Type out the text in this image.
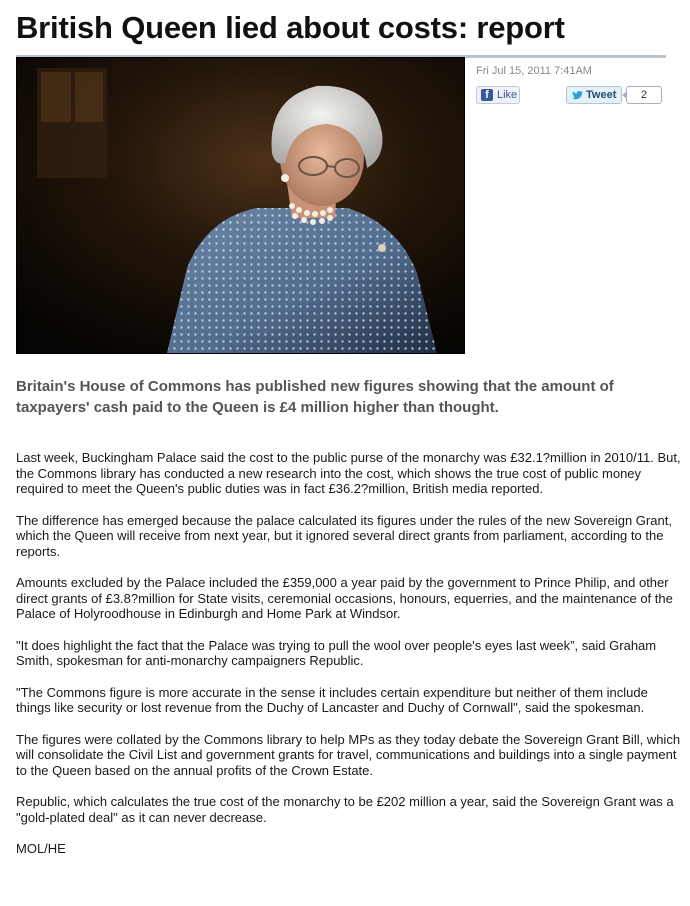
British Queen lied about costs: report
Fri Jul 15, 2011 7:41AM
f Like	Tweet	2

Britain's House of Commons has published new figures showing that the amount of taxpayers' cash paid to the Queen is £4 million higher than thought.

Last week, Buckingham Palace said the cost to the public purse of the monarchy was £32.1?million in 2010/11. But, the Commons library has conducted a new research into the cost, which shows the true cost of public money required to meet the Queen's public duties was in fact £36.2?million, British media reported.

The difference has emerged because the palace calculated its figures under the rules of the new Sovereign Grant, which the Queen will receive from next year, but it ignored several direct grants from parliament, according to the reports.

Amounts excluded by the Palace included the £359,000 a year paid by the government to Prince Philip, and other direct grants of £3.8?million for State visits, ceremonial occasions, honours, equerries, and the maintenance of the Palace of Holyroodhouse in Edinburgh and Home Park at Windsor.

"It does highlight the fact that the Palace was trying to pull the wool over people's eyes last week”, said Graham Smith, spokesman for anti-monarchy campaigners Republic.

"The Commons figure is more accurate in the sense it includes certain expenditure but neither of them include things like security or lost revenue from the Duchy of Lancaster and Duchy of Cornwall", said the spokesman.

The figures were collated by the Commons library to help MPs as they today debate the Sovereign Grant Bill, which will consolidate the Civil List and government grants for travel, communications and buildings into a single payment to the Queen based on the annual profits of the Crown Estate.

Republic, which calculates the true cost of the monarchy to be £202 million a year, said the Sovereign Grant was a "gold-plated deal" as it can never decrease.

MOL/HE
